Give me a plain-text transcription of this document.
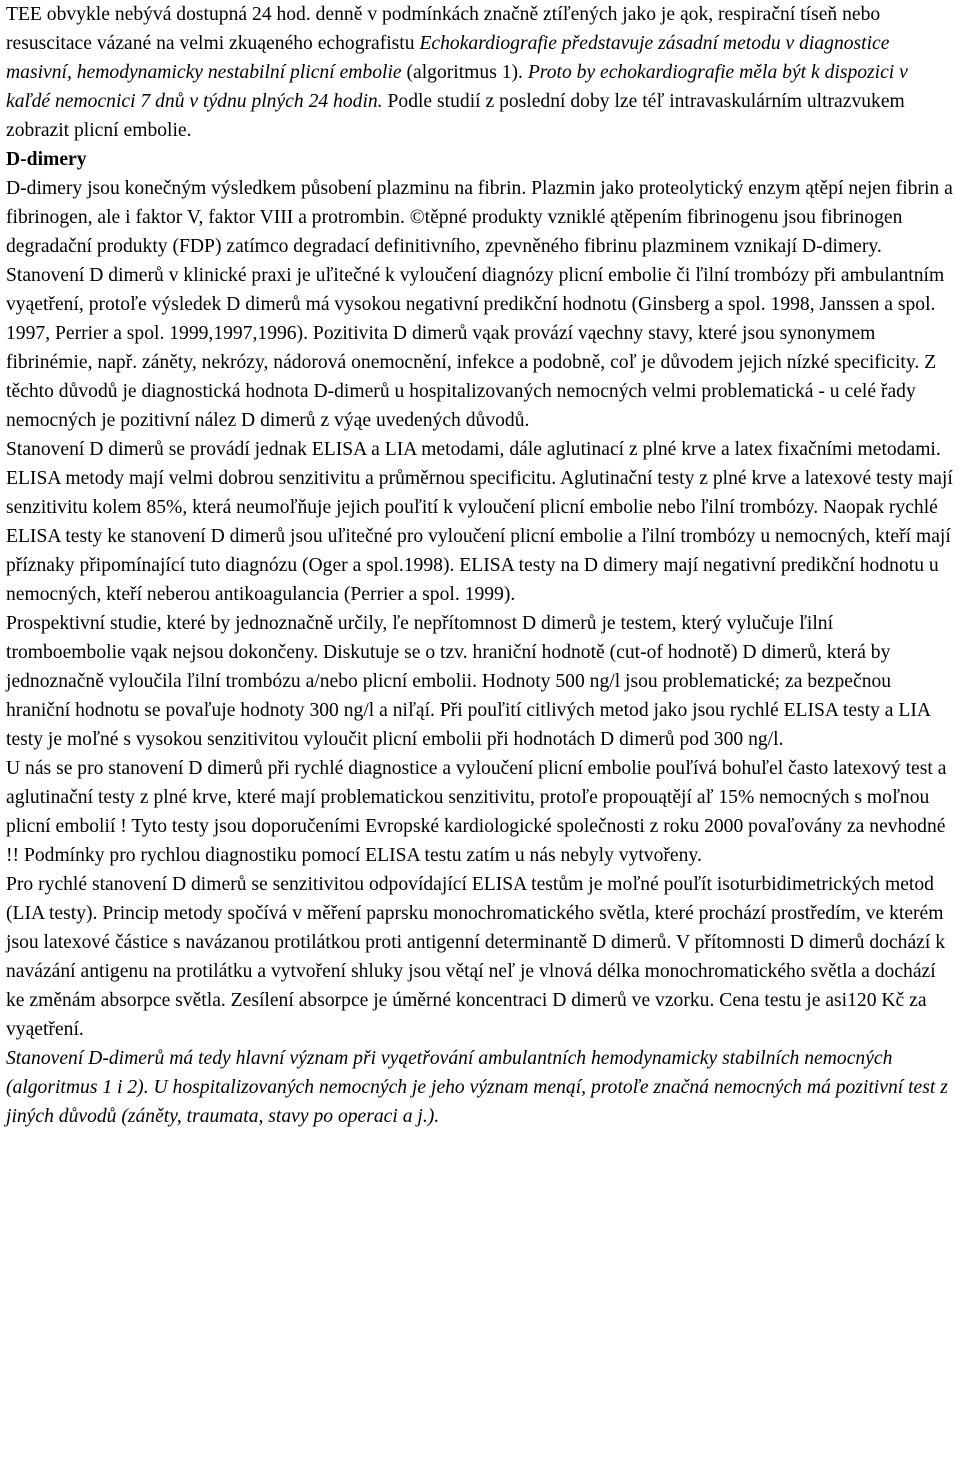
TEE obvykle nebývá dostupná 24 hod. denně v podmínkách značně ztíľených jako je ąok, respirační tíseň nebo resuscitace vázané na velmi zkuąeného echografistu Echokardiografie představuje zásadní metodu v diagnostice masivní, hemodynamicky nestabilní plicní embolie (algoritmus 1). Proto by echokardiografie měla být k dispozici v kaľdé nemocnici 7 dnů v týdnu plných 24 hodin. Podle studií z poslední doby lze téľ intravaskulárním ultrazvukem zobrazit plicní embolie.

D-dimery

D-dimery jsou konečným výsledkem působení plazminu na fibrin. Plazmin jako proteolytický enzym ątěpí nejen fibrin a fibrinogen, ale i faktor V, faktor VIII a protrombin. ©těpné produkty vzniklé ątěpením fibrinogenu jsou fibrinogen degradační produkty (FDP) zatímco degradací definitivního, zpevněného fibrinu plazminem vznikají D-dimery.

Stanovení D dimerů v klinické praxi je uľitečné k vyloučení diagnózy plicní embolie či ľilní trombózy při ambulantním vyąetření, protoľe výsledek D dimerů má vysokou negativní predikční hodnotu (Ginsberg a spol. 1998, Janssen a spol. 1997, Perrier a spol. 1999,1997,1996). Pozitivita D dimerů vąak provází vąechny stavy, které jsou synonymem fibrinémie, např. záněty, nekrózy, nádorová onemocnění, infekce a podobně, coľ je důvodem jejich nízké specificity. Z těchto důvodů je diagnostická hodnota D-dimerů u hospitalizovaných nemocných velmi problematická - u celé řady nemocných je pozitivní nález D dimerů z výąe uvedených důvodů.

Stanovení D dimerů se provádí jednak ELISA a LIA metodami, dále aglutinací z plné krve a latex fixačními metodami. ELISA metody mají velmi dobrou senzitivitu a průměrnou specificitu. Aglutinační testy z plné krve a latexové testy mají senzitivitu kolem 85%, která neumoľňuje jejich pouľití k vyloučení plicní embolie nebo ľilní trombózy. Naopak rychlé ELISA testy ke stanovení D dimerů jsou uľitečné pro vyloučení plicní embolie a ľilní trombózy u nemocných, kteří mají příznaky připomínající tuto diagnózu (Oger a spol.1998). ELISA testy na D dimery mají negativní predikční hodnotu u nemocných, kteří neberou antikoagulancia (Perrier a spol. 1999).

Prospektivní studie, které by jednoznačně určily, ľe nepřítomnost D dimerů je testem, který vylučuje ľilní tromboembolie vąak nejsou dokončeny. Diskutuje se o tzv. hraniční hodnotě (cut-of hodnotě) D dimerů, která by jednoznačně vyloučila ľilní trombózu a/nebo plicní embolii. Hodnoty 500 ng/l jsou problematické; za bezpečnou hraniční hodnotu se povaľuje hodnoty 300 ng/l a niľąí. Při pouľití citlivých metod jako jsou rychlé ELISA testy a LIA testy je moľné s vysokou senzitivitou vyloučit plicní embolii při hodnotách D dimerů pod 300 ng/l.

U nás se pro stanovení D dimerů při rychlé diagnostice a vyloučení plicní embolie pouľívá bohuľel často latexový test a aglutinační testy z plné krve, které mají problematickou senzitivitu, protoľe propouątějí aľ 15% nemocných s moľnou plicní embolií ! Tyto testy jsou doporučeními Evropské kardiologické společnosti z roku 2000 povaľovány za nevhodné !! Podmínky pro rychlou diagnostiku pomocí ELISA testu zatím u nás nebyly vytvořeny.

Pro rychlé stanovení D dimerů se senzitivitou odpovídající ELISA testům je moľné pouľít isoturbidimetrických metod (LIA testy). Princip metody spočívá v měření paprsku monochromatického světla, které prochází prostředím, ve kterém jsou latexové částice s navázanou protilátkou proti antigenní determinantě D dimerů. V přítomnosti D dimerů dochází k navázání antigenu na protilátku a vytvoření shluky jsou větąí neľ je vlnová délka monochromatického světla a dochází ke změnám absorpce světla. Zesílení absorpce je úměrné koncentraci D dimerů ve vzorku. Cena testu je asi120 Kč za vyąetření.

Stanovení D-dimerů má tedy hlavní význam při vyąetřování ambulantních hemodynamicky stabilních nemocných (algoritmus 1 i 2). U hospitalizovaných nemocných je jeho význam menąí, protoľe značná nemocných má pozitivní test z jiných důvodů (záněty, traumata, stavy po operaci a j.).
